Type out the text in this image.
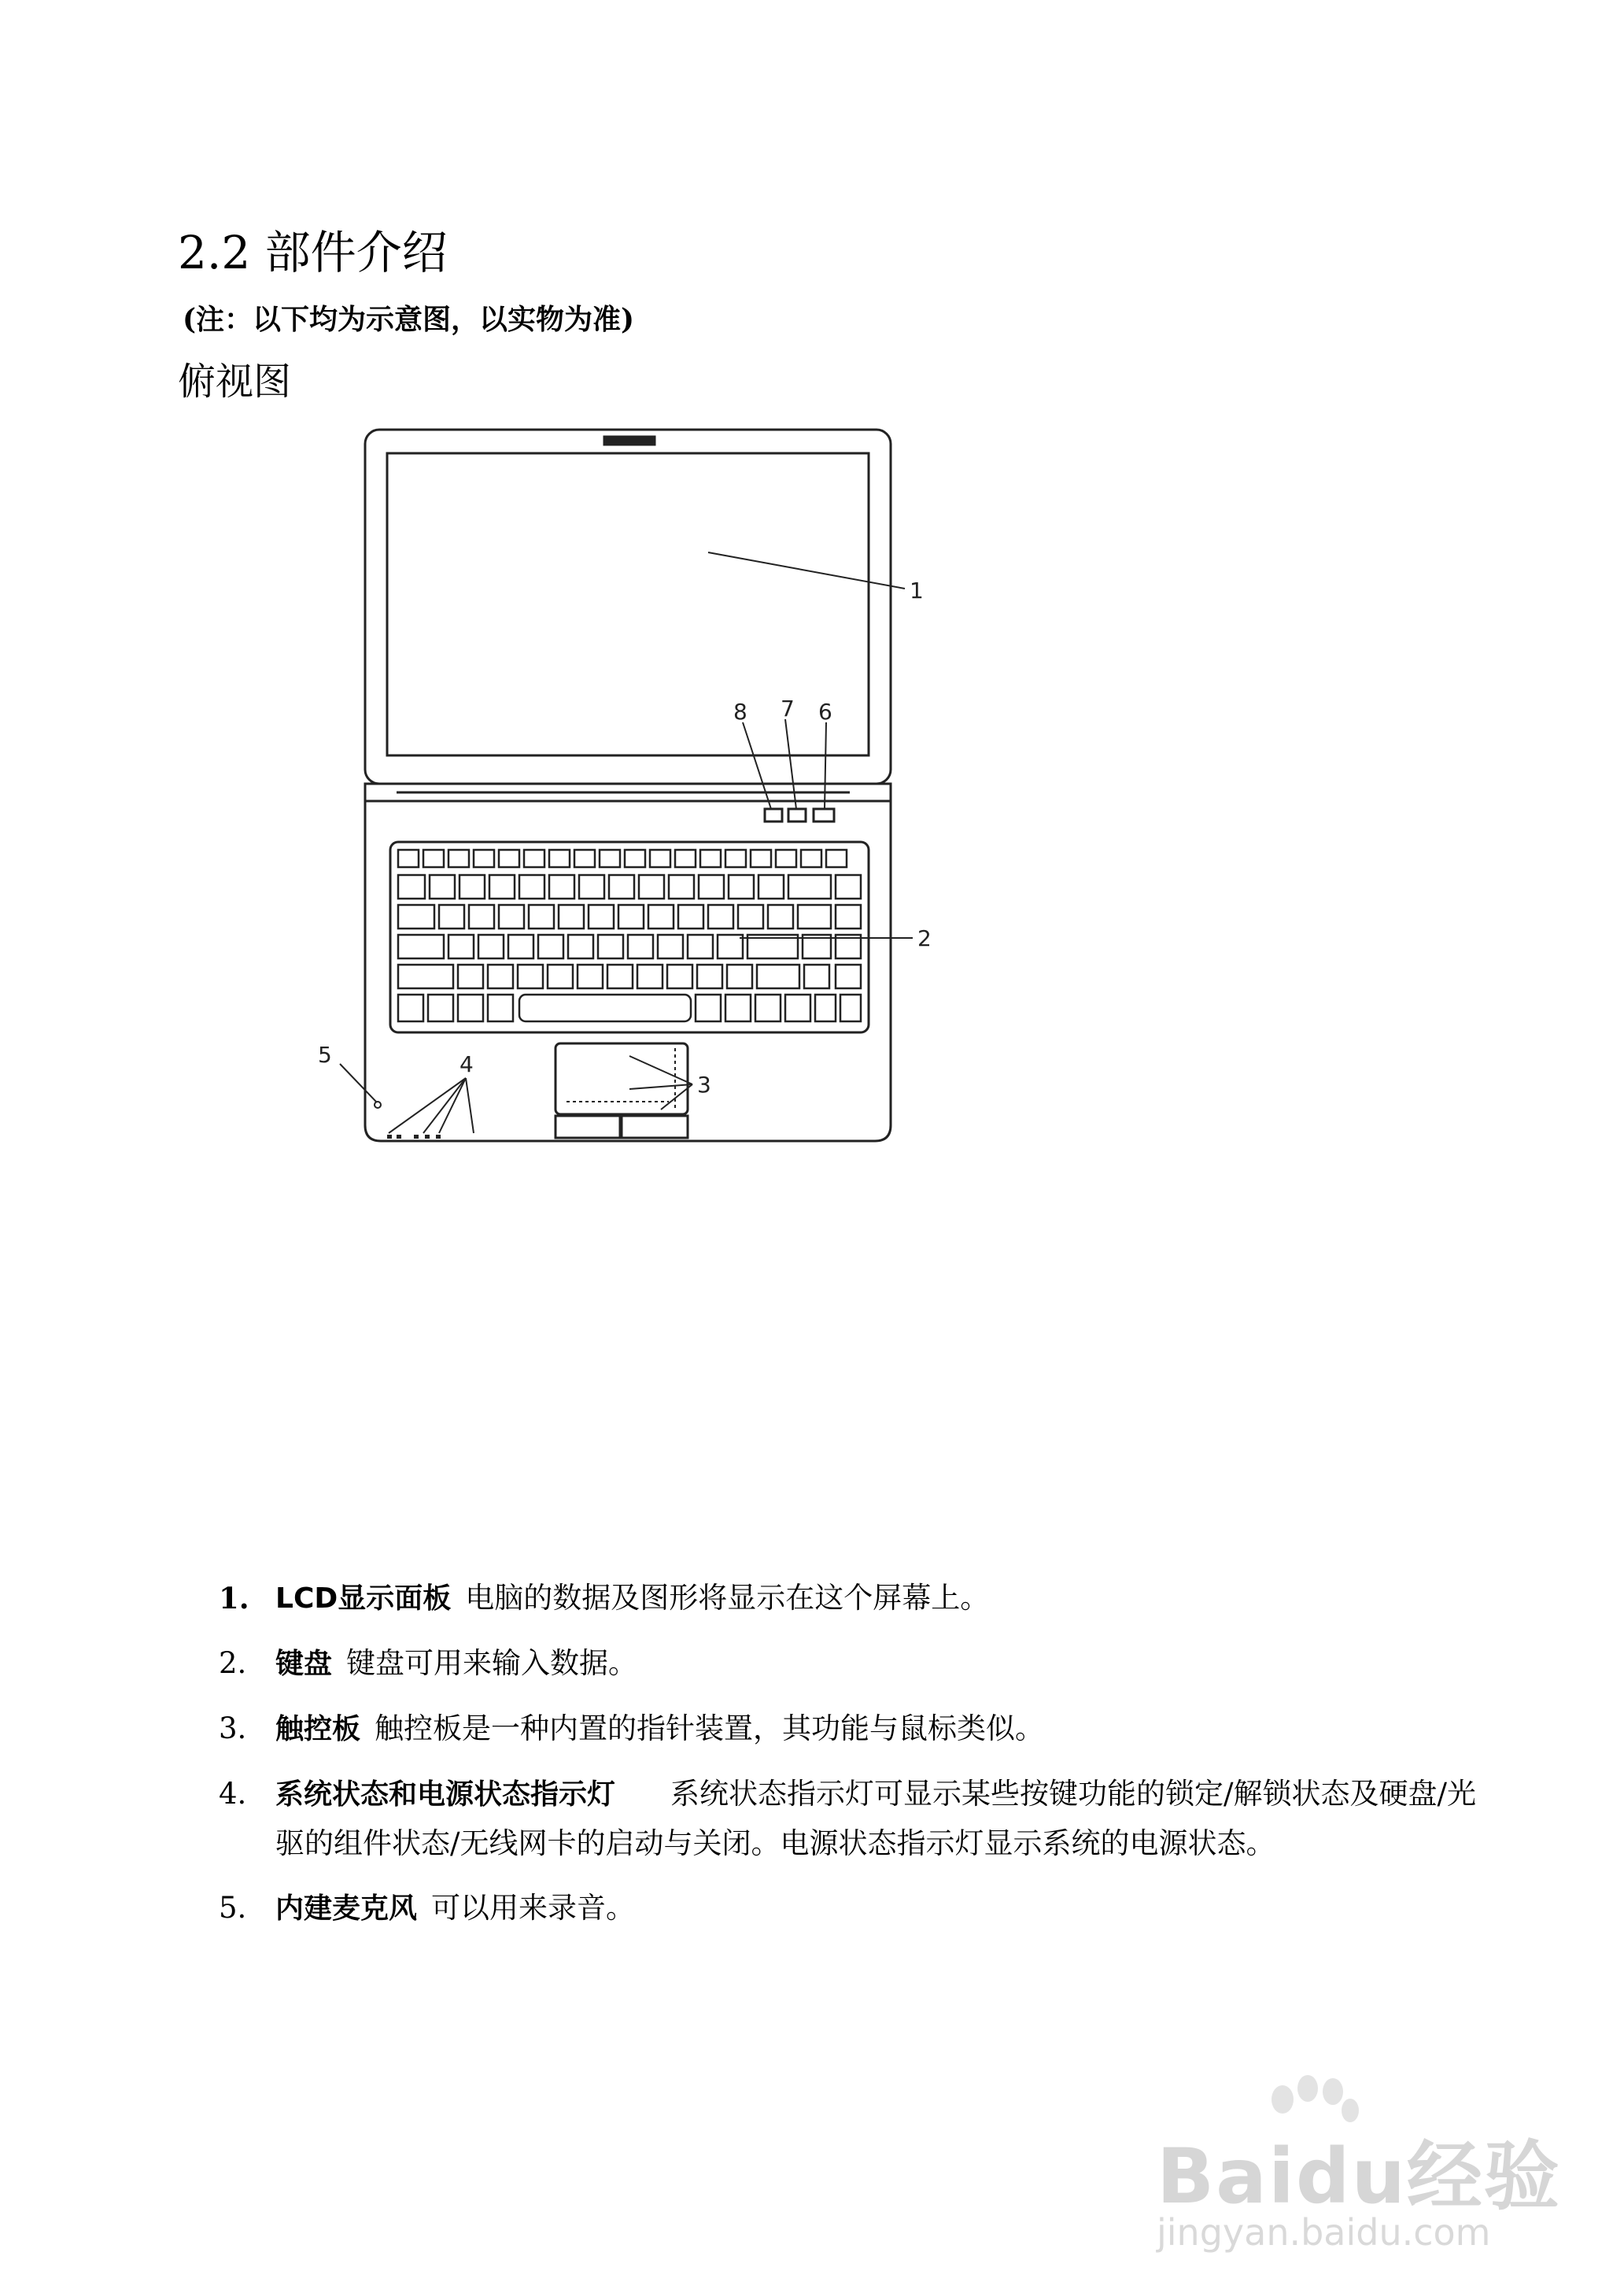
2.2 部件介绍
(注：以下均为示意图，以实物为准)
俯视图
1
2
3
4
5
8 7 6
1. LCD显示面板 电脑的数据及图形将显示在这个屏幕上。
2. 键盘 键盘可用来输入数据。
3. 触控板 触控板是一种内置的指针装置，其功能与鼠标类似。
4. 系统状态和电源状态指示灯 系统状态指示灯可显示某些按键功能的锁定/解锁状态及硬盘/光驱的组件状态/无线网卡的启动与关闭。电源状态指示灯显示系统的电源状态。
5. 内建麦克风 可以用来录音。
Baidu经验
jingyan.baidu.com
